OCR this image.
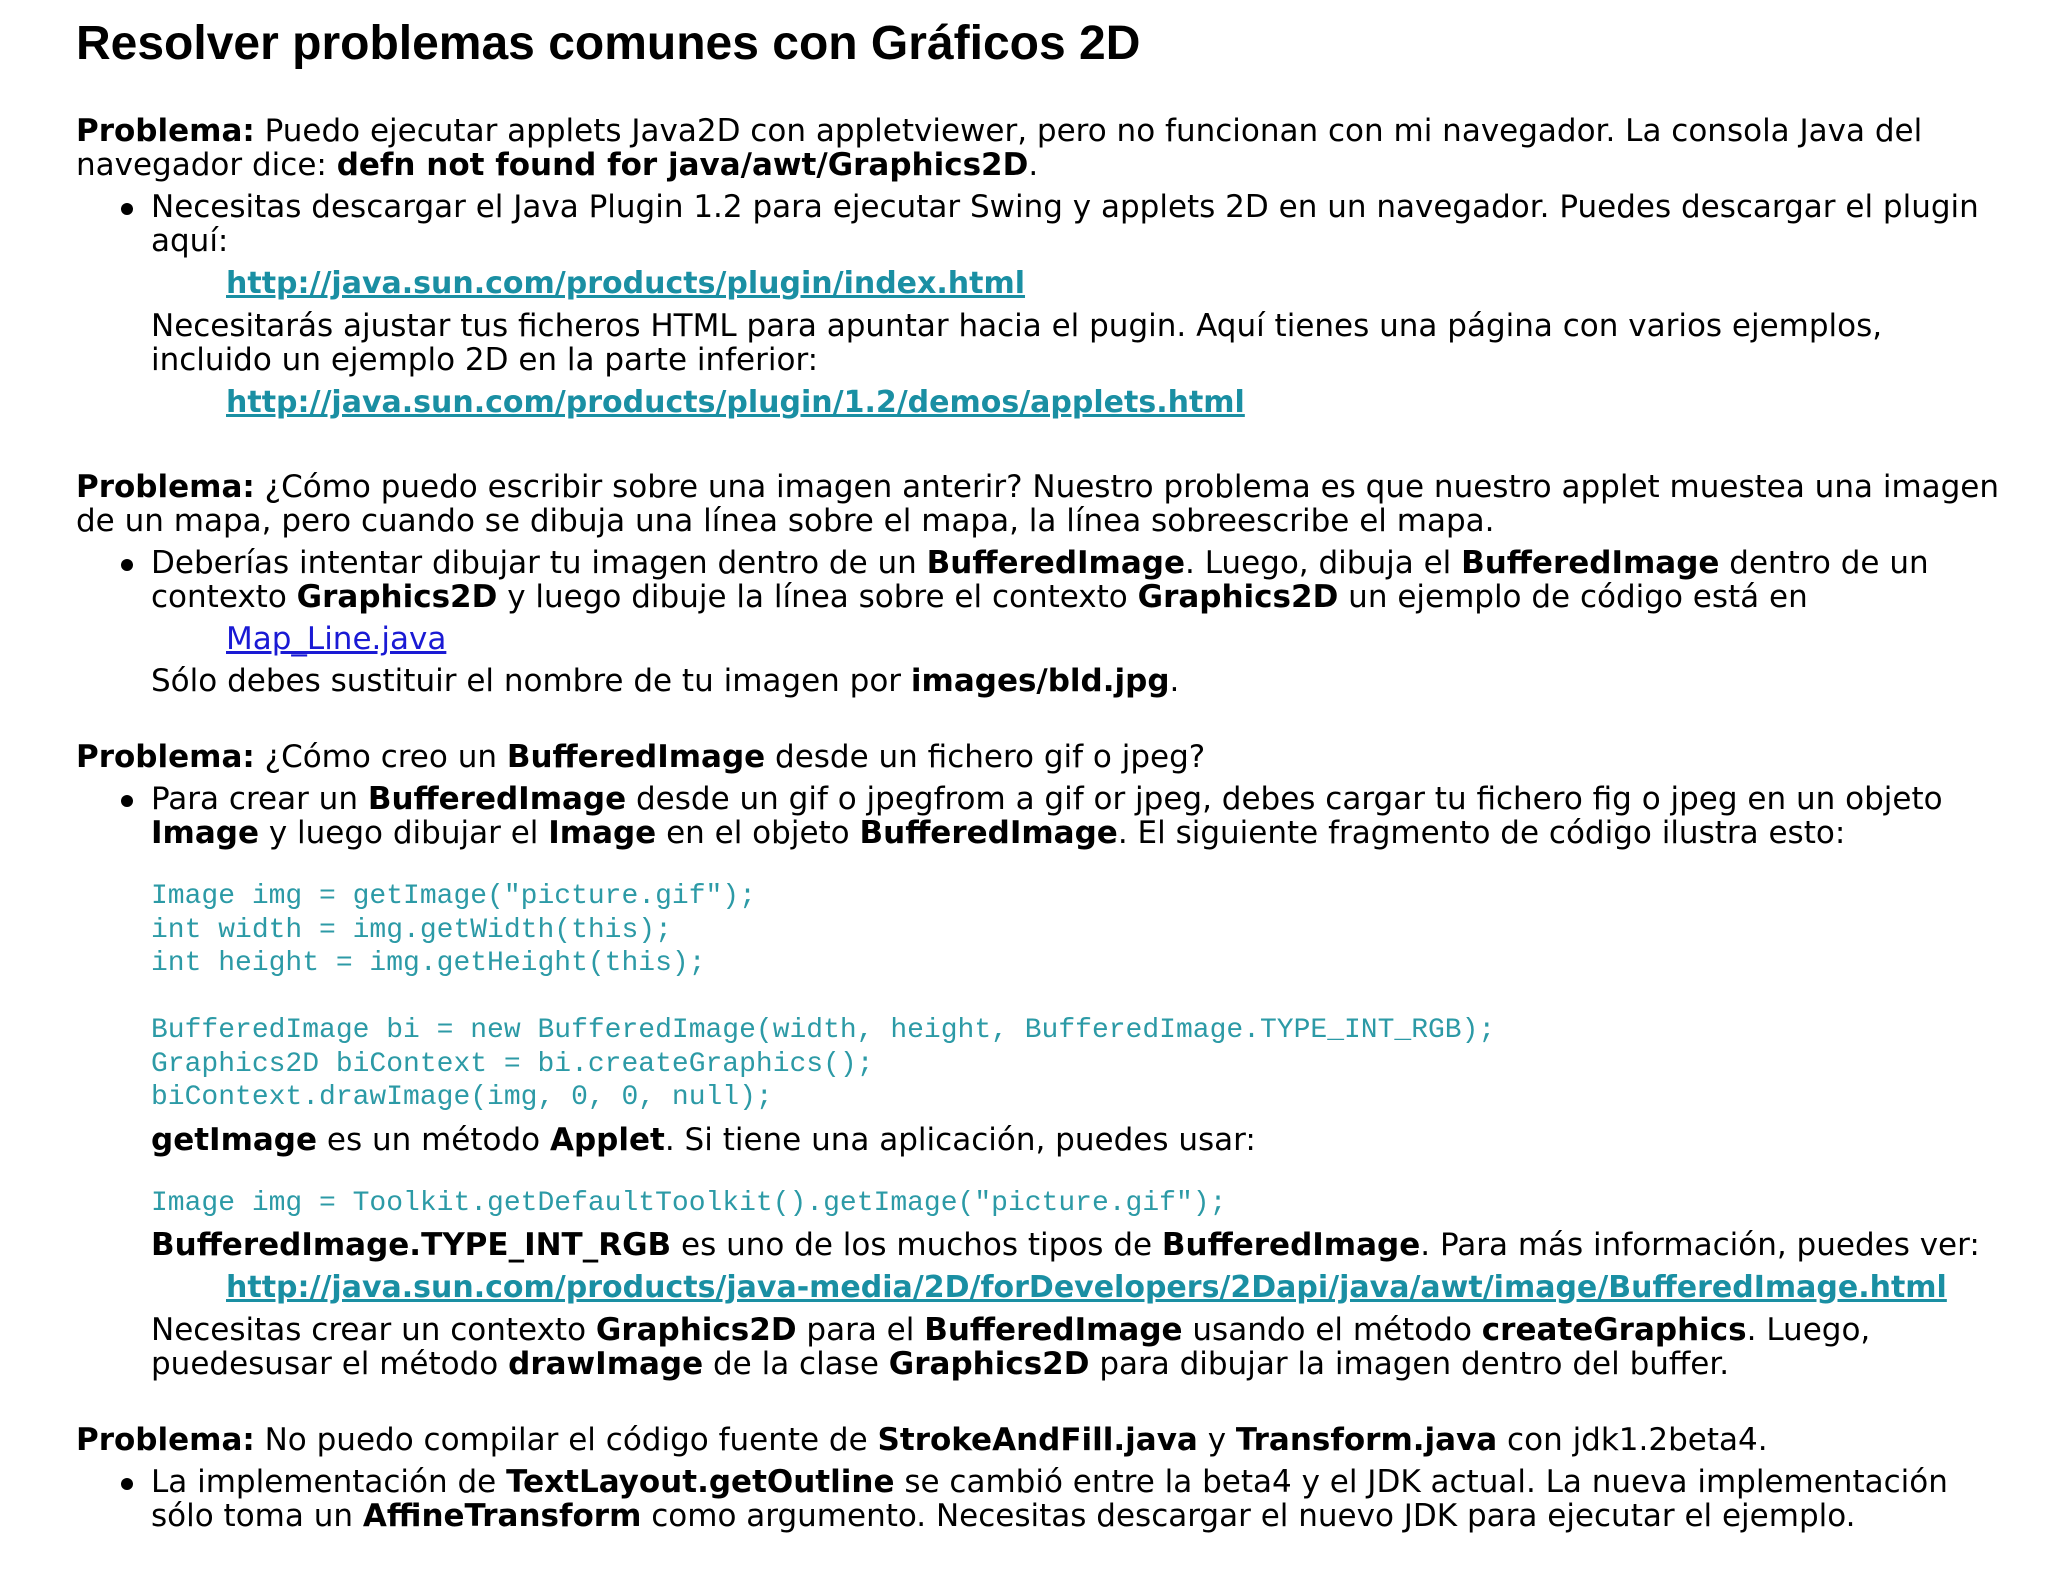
Resolver problemas comunes con Gráficos 2D

Problema: Puedo ejecutar applets Java2D con appletviewer, pero no funcionan con mi navegador. La consola Java del navegador dice: defn not found for java/awt/Graphics2D.

Necesitas descargar el Java Plugin 1.2 para ejecutar Swing y applets 2D en un navegador. Puedes descargar el plugin aquí:
http://java.sun.com/products/plugin/index.html

Necesitarás ajustar tus ficheros HTML para apuntar hacia el pugin. Aquí tienes una página con varios ejemplos, incluido un ejemplo 2D en la parte inferior:

http://java.sun.com/products/plugin/1.2/demos/applets.html

Problema: ¿Cómo puedo escribir sobre una imagen anterir? Nuestro problema es que nuestro applet muestea una imagen de un mapa, pero cuando se dibuja una línea sobre el mapa, la línea sobreescribe el mapa.

Deberías intentar dibujar tu imagen dentro de un BufferedImage. Luego, dibuja el BufferedImage dentro de un contexto Graphics2D y luego dibuje la línea sobre el contexto Graphics2D un ejemplo de código está en
Map_Line.java

Sólo debes sustituir el nombre de tu imagen por images/bld.jpg.

Problema: ¿Cómo creo un BufferedImage desde un fichero gif o jpeg?

Para crear un BufferedImage desde un gif o jpegfrom a gif or jpeg, debes cargar tu fichero fig o jpeg en un objeto Image y luego dibujar el Image en el objeto BufferedImage. El siguiente fragmento de código ilustra esto:
Image img = getImage("picture.gif");
int width = img.getWidth(this);
int height = img.getHeight(this);

BufferedImage bi = new BufferedImage(width, height, BufferedImage.TYPE_INT_RGB);
Graphics2D biContext = bi.createGraphics();
biContext.drawImage(img, 0, 0, null);

getImage es un método Applet. Si tiene una aplicación, puedes usar:

Image img = Toolkit.getDefaultToolkit().getImage("picture.gif");

BufferedImage.TYPE_INT_RGB es uno de los muchos tipos de BufferedImage. Para más información, puedes ver:

http://java.sun.com/products/java-media/2D/forDevelopers/2Dapi/java/awt/image/BufferedImage.html

Necesitas crear un contexto Graphics2D para el BufferedImage usando el método createGraphics. Luego, puedesusar el método drawImage de la clase Graphics2D para dibujar la imagen dentro del buffer.

Problema: No puedo compilar el código fuente de StrokeAndFill.java y Transform.java con jdk1.2beta4.

La implementación de TextLayout.getOutline se cambió entre la beta4 y el JDK actual. La nueva implementación sólo toma un AffineTransform como argumento. Necesitas descargar el nuevo JDK para ejecutar el ejemplo.
